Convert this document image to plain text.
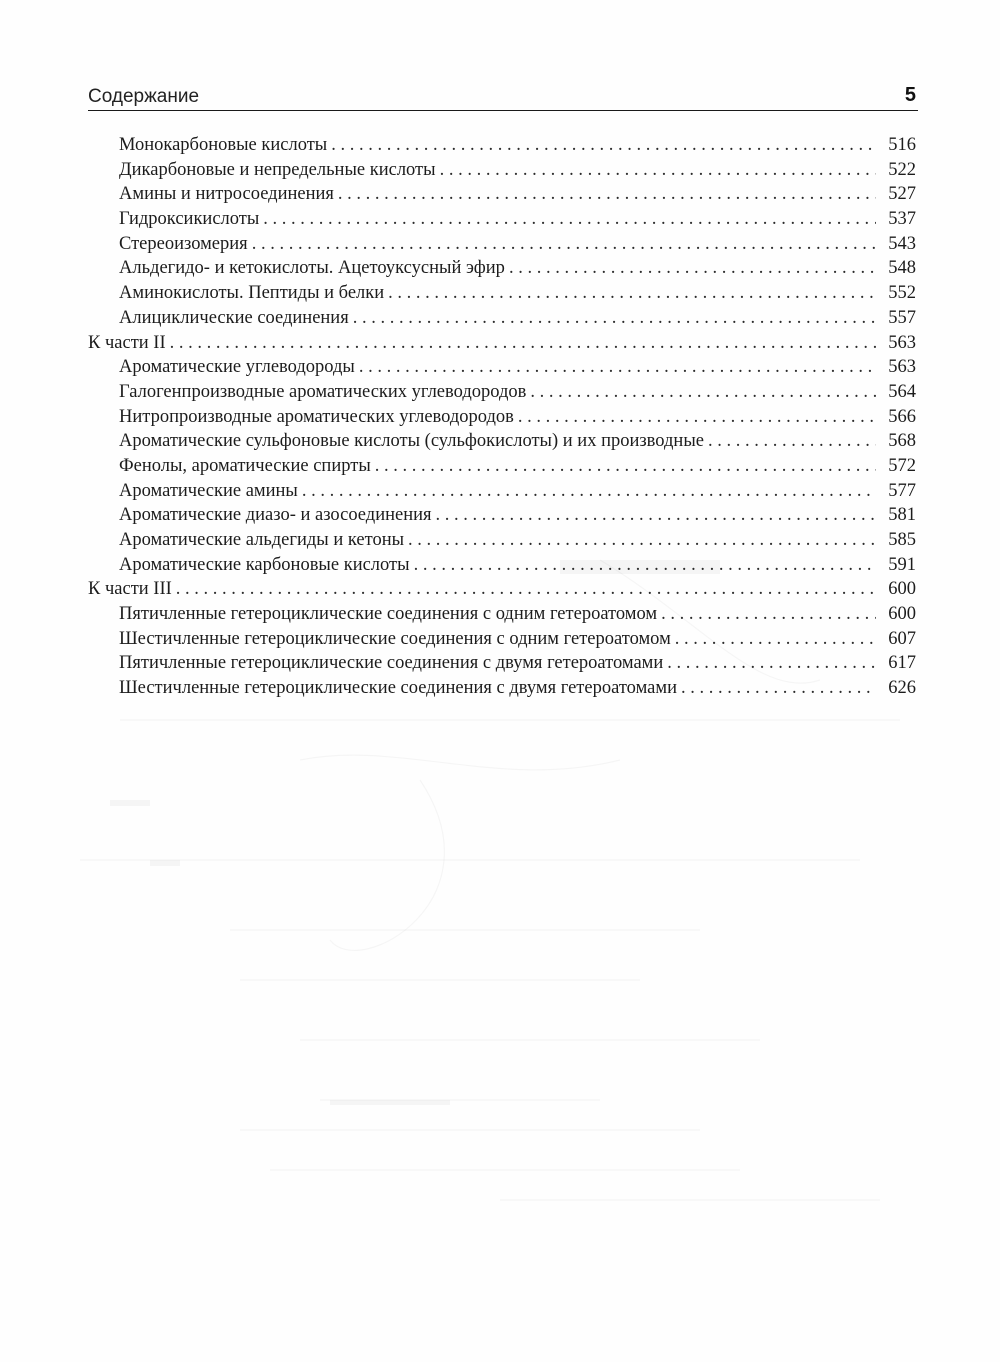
Содержание	5
Монокарбоновые кислоты . . .	516
Дикарбоновые и непредельные кислоты . . .	522
Амины и нитросоединения . . .	527
Гидроксикислоты . . .	537
Стереоизомерия . . .	543
Альдегидо- и кетокислоты. Ацетоуксусный эфир . . .	548
Аминокислоты. Пептиды и белки . . .	552
Алициклические соединения . . .	557
К части II . . .	563
Ароматические углеводороды . . .	563
Галогенпроизводные ароматических углеводородов . . .	564
Нитропроизводные ароматических углеводородов . . .	566
Ароматические сульфоновые кислоты (сульфокислоты) и их производные . . .	568
Фенолы, ароматические спирты . . .	572
Ароматические амины . . .	577
Ароматические диазо- и азосоединения . . .	581
Ароматические альдегиды и кетоны . . .	585
Ароматические карбоновые кислоты . . .	591
К части III . . .	600
Пятичленные гетероциклические соединения с одним гетероатомом . . .	600
Шестичленные гетероциклические соединения с одним гетероатомом . . .	607
Пятичленные гетероциклические соединения с двумя гетероатомами . . .	617
Шестичленные гетероциклические соединения с двумя гетероатомами . . .	626
